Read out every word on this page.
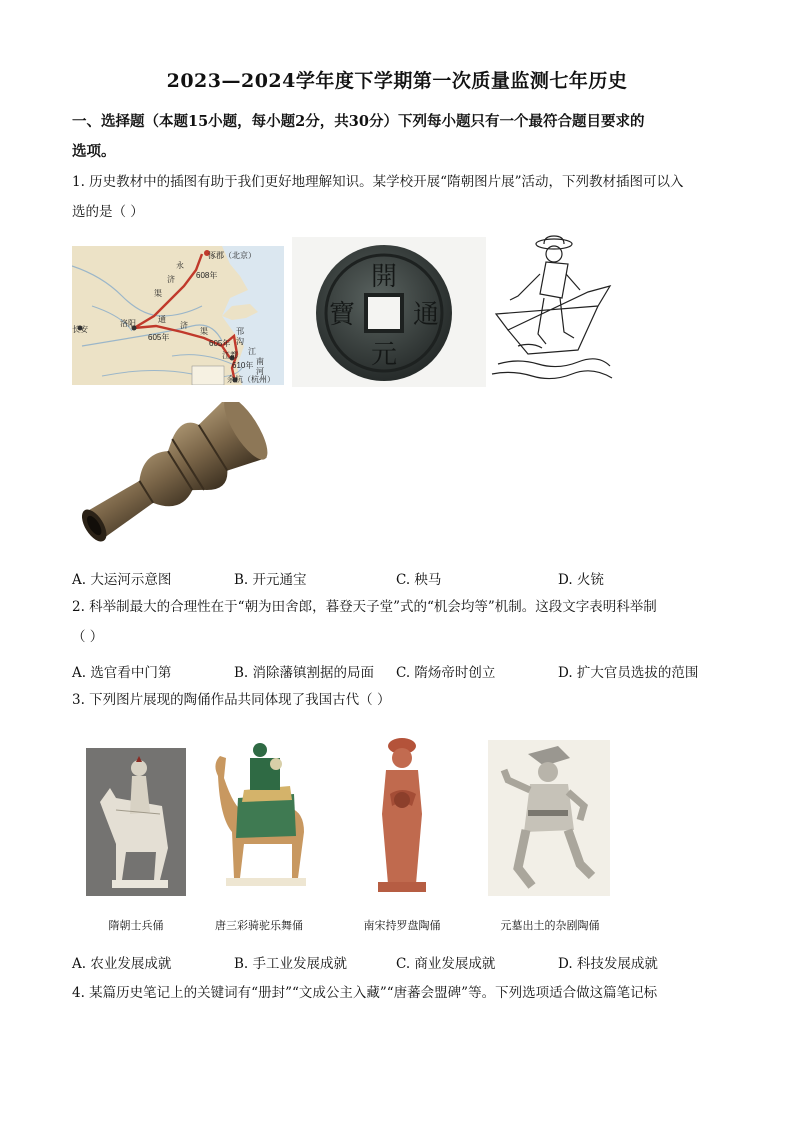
2023—2024学年度下学期第一次质量监测七年历史
一、选择题（本题15小题，每小题2分，共30分）下列每小题只有一个最符合题目要求的
选项。
1. 历史教材中的插图有助于我们更好地理解知识。某学校开展“隋朝图片展”活动，下列教材插图可以入
选的是（ ）
涿郡（北京）
永
济	608年
渠
长安
洛阳	通
济
渠
605年
605年
邗
沟
江
江都
南
610年
河
余杭（杭州）
開
元
通
寶
A. 大运河示意图	B. 开元通宝	C. 秧马	D. 火铳
2. 科举制最大的合理性在于“朝为田舍郎，暮登天子堂”式的“机会均等”机制。这段文字表明科举制
（ ）
A. 选官看中门第	B. 消除藩镇割据的局面 C. 隋炀帝时创立	D. 扩大官员选拔的范围
3. 下列图片展现的陶俑作品共同体现了我国古代（ ）
隋朝士兵俑	唐三彩骑驼乐舞俑	南宋持罗盘陶俑	元墓出土的杂剧陶俑
A. 农业发展成就	B. 手工业发展成就	C. 商业发展成就	D. 科技发展成就
4. 某篇历史笔记上的关键词有“册封”“文成公主入藏”“唐蕃会盟碑”等。下列选项适合做这篇笔记标
